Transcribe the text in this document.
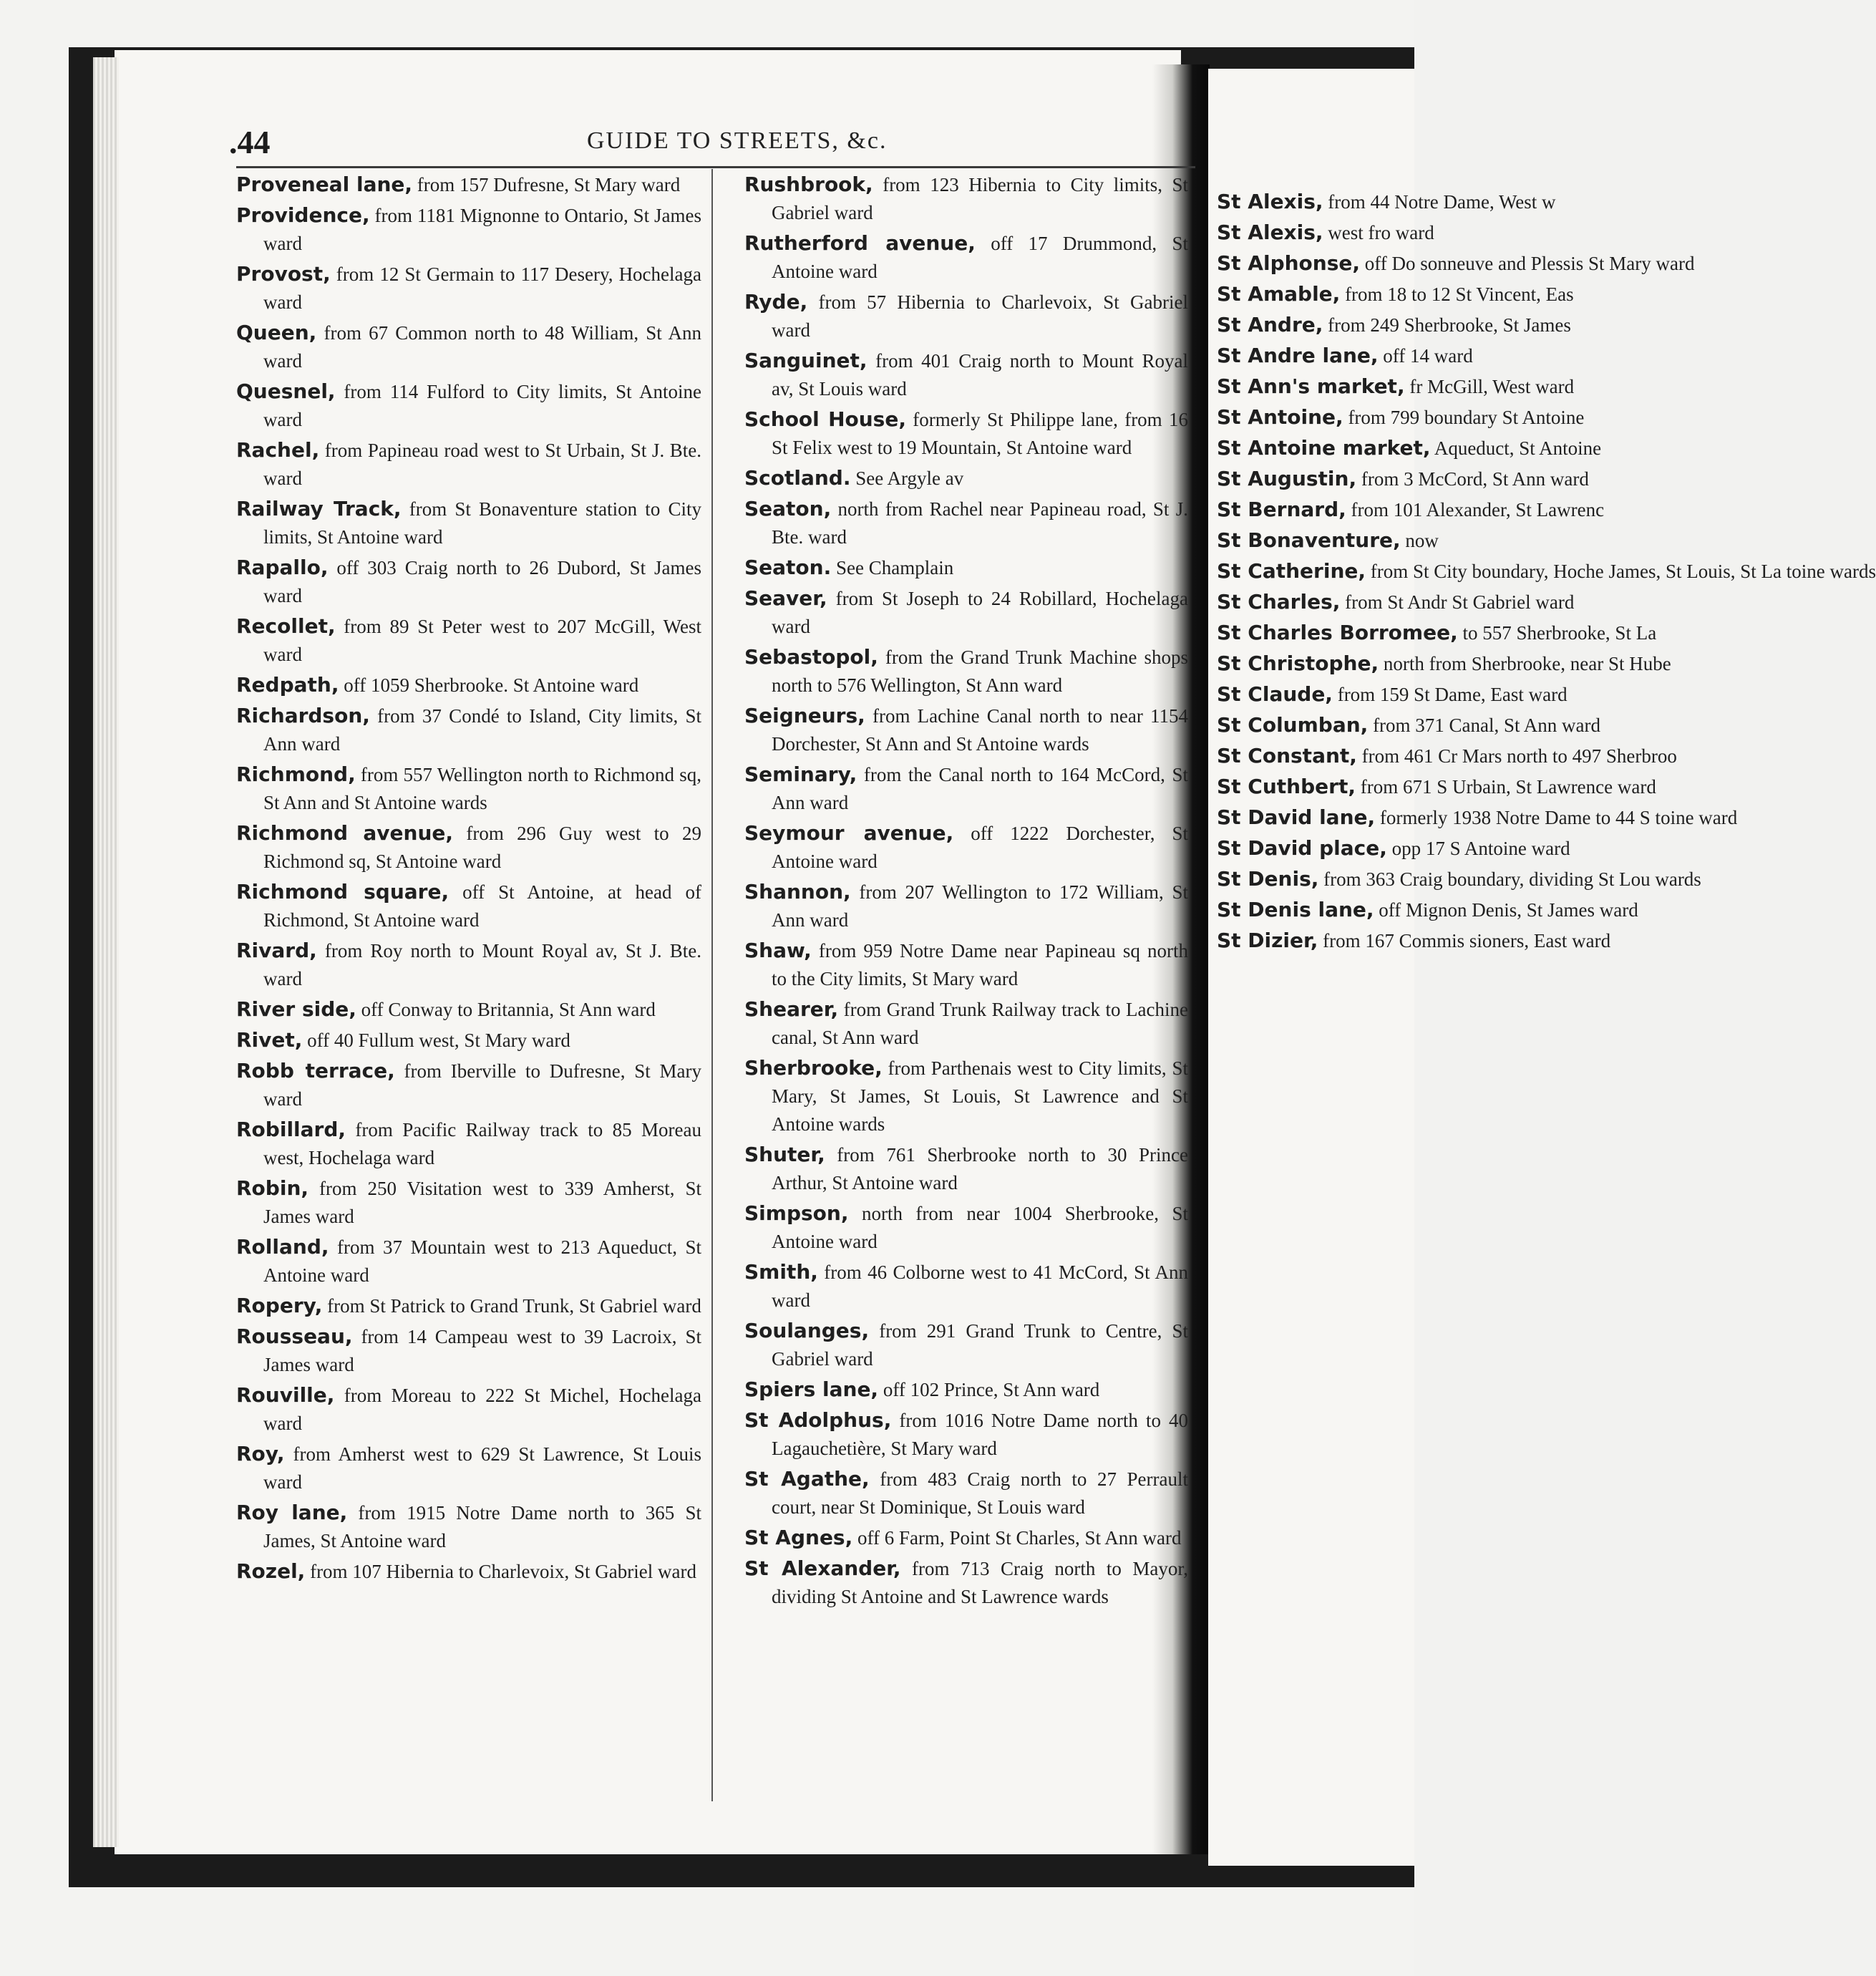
.44	GUIDE TO STREETS, &c.
Proveneal lane, from 157 Dufresne, St Mary ward
Providence, from 1181 Mignonne to Ontario, St James ward
Provost, from 12 St Germain to 117 Desery, Hochelaga ward
Queen, from 67 Common north to 48 William, St Ann ward
Quesnel, from 114 Fulford to City limits, St Antoine ward
Rachel, from Papineau road west to St Urbain, St J. Bte. ward
Railway Track, from St Bonaventure station to City limits, St Antoine ward
Rapallo, off 303 Craig north to 26 Dubord, St James ward
Recollet, from 89 St Peter west to 207 McGill, West ward
Redpath, off 1059 Sherbrooke. St Antoine ward
Richardson, from 37 Condé to Island, City limits, St Ann ward
Richmond, from 557 Wellington north to Richmond sq, St Ann and St Antoine wards
Richmond avenue, from 296 Guy west to 29 Richmond sq, St Antoine ward
Richmond square, off St Antoine, at head of Richmond, St Antoine ward
Rivard, from Roy north to Mount Royal av, St J. Bte. ward
River side, off Conway to Britannia, St Ann ward
Rivet, off 40 Fullum west, St Mary ward
Robb terrace, from Iberville to Dufresne, St Mary ward
Robillard, from Pacific Railway track to 85 Moreau west, Hochelaga ward
Robin, from 250 Visitation west to 339 Amherst, St James ward
Rolland, from 37 Mountain west to 213 Aqueduct, St Antoine ward
Ropery, from St Patrick to Grand Trunk, St Gabriel ward
Rousseau, from 14 Campeau west to 39 Lacroix, St James ward
Rouville, from Moreau to 222 St Michel, Hochelaga ward
Roy, from Amherst west to 629 St Lawrence, St Louis ward
Roy lane, from 1915 Notre Dame north to 365 St James, St Antoine ward
Rozel, from 107 Hibernia to Charlevoix, St Gabriel ward
Rushbrook, from 123 Hibernia to City limits, St Gabriel ward
Rutherford avenue, off 17 Drummond, St Antoine ward
Ryde, from 57 Hibernia to Charlevoix, St Gabriel ward
Sanguinet, from 401 Craig north to Mount Royal av, St Louis ward
School House, formerly St Philippe lane, from 16 St Felix west to 19 Mountain, St Antoine ward
Scotland. See Argyle av
Seaton, north from Rachel near Papineau road, St J. Bte. ward
Seaton. See Champlain
Seaver, from St Joseph to 24 Robillard, Hochelaga ward
Sebastopol, from the Grand Trunk Machine shops north to 576 Wellington, St Ann ward
Seigneurs, from Lachine Canal north to near 1154 Dorchester, St Ann and St Antoine wards
Seminary, from the Canal north to 164 McCord, St Ann ward
Seymour avenue, off 1222 Dorchester, St Antoine ward
Shannon, from 207 Wellington to 172 William, St Ann ward
Shaw, from 959 Notre Dame near Papineau sq north to the City limits, St Mary ward
Shearer, from Grand Trunk Railway track to Lachine canal, St Ann ward
Sherbrooke, from Parthenais west to City limits, St Mary, St James, St Louis, St Lawrence and St Antoine wards
Shuter, from 761 Sherbrooke north to 30 Prince Arthur, St Antoine ward
Simpson, north from near 1004 Sherbrooke, St Antoine ward
Smith, from 46 Colborne west to 41 McCord, St Ann ward
Soulanges, from 291 Grand Trunk to Centre, St Gabriel ward
Spiers lane, off 102 Prince, St Ann ward
St Adolphus, from 1016 Notre Dame north to 40 Lagauchetière, St Mary ward
St Agathe, from 483 Craig north to 27 Perrault court, near St Dominique, St Louis ward
St Agnes, off 6 Farm, Point St Charles, St Ann ward
St Alexander, from 713 Craig north to Mayor, dividing St Antoine and St Lawrence wards
St Alexis, from 44 Notre Dame, West w
St Alexis, west fro ward
St Alphonse, off Do sonneuve and Plessis St Mary ward
St Amable, from 18 to 12 St Vincent, Eas
St Andre, from 249 Sherbrooke, St James
St Andre lane, off 14 ward
St Ann's market, fr McGill, West ward
St Antoine, from 799 boundary St Antoine
St Antoine market, Aqueduct, St Antoine
St Augustin, from 3 McCord, St Ann ward
St Bernard, from 101 Alexander, St Lawrenc
St Bonaventure, now
St Catherine, from St City boundary, Hoche James, St Louis, St La toine wards
St Charles, from St Andr St Gabriel ward
St Charles Borromee, to 557 Sherbrooke, St La
St Christophe, north from Sherbrooke, near St Hube
St Claude, from 159 St Dame, East ward
St Columban, from 371 Canal, St Ann ward
St Constant, from 461 Cr Mars north to 497 Sherbroo
St Cuthbert, from 671 S Urbain, St Lawrence ward
St David lane, formerly 1938 Notre Dame to 44 S toine ward
St David place, opp 17 S Antoine ward
St Denis, from 363 Craig boundary, dividing St Lou wards
St Denis lane, off Mignon Denis, St James ward
St Dizier, from 167 Commis sioners, East ward
